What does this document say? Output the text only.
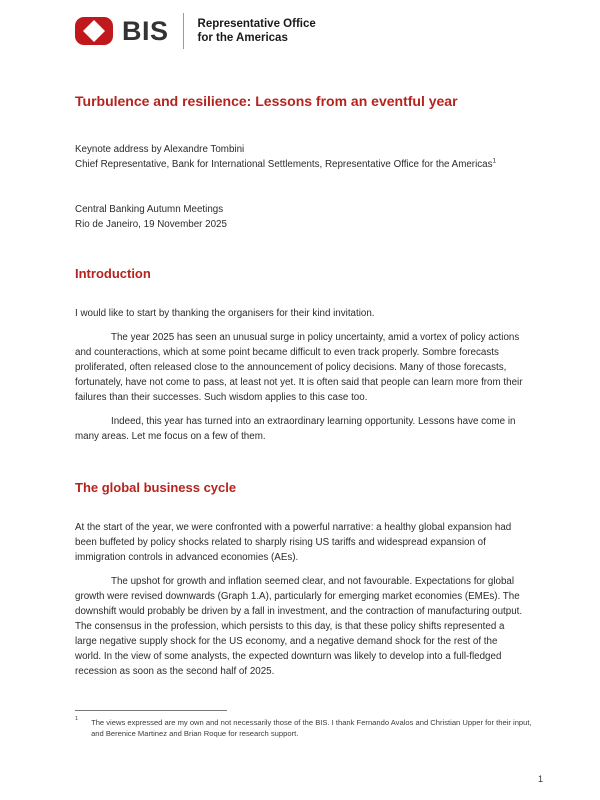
BIS	Representative Office
for the Americas
Turbulence and resilience: Lessons from an eventful year

Keynote address by Alexandre Tombini

Chief Representative, Bank for International Settlements, Representative Office for the Americas$^1$

Central Banking Autumn Meetings

Rio de Janeiro, 19 November 2025

Introduction

I would like to start by thanking the organisers for their kind invitation.

The year 2025 has seen an unusual surge in policy uncertainty, amid a vortex of policy actions and counteractions, which at some point became difficult to even track properly. Sombre forecasts proliferated, often released close to the announcement of policy decisions. Many of those forecasts, fortunately, have not come to pass, at least not yet. It is often said that people can learn more from their failures than their successes. Such wisdom applies to this case too.

Indeed, this year has turned into an extraordinary learning opportunity. Lessons have come in many areas. Let me focus on a few of them.

The global business cycle

At the start of the year, we were confronted with a powerful narrative: a healthy global expansion had been buffeted by policy shocks related to sharply rising US tariffs and widespread expansion of immigration controls in advanced economies (AEs).

The upshot for growth and inflation seemed clear, and not favourable. Expectations for global growth were revised downwards (Graph 1.A), particularly for emerging market economies (EMEs). The downshift would probably be driven by a fall in investment, and the contraction of manufacturing output. The consensus in the profession, which persists to this day, is that these policy shifts represented a large negative supply shock for the US economy, and a negative demand shock for the rest of the world. In the view of some analysts, the expected downturn was likely to develop into a full-fledged recession as soon as the second half of 2025.

1 The views expressed are my own and not necessarily those of the BIS. I thank Fernando Avalos and Christian Upper for their input, and Berenice Martinez and Brian Roque for research support.
1
